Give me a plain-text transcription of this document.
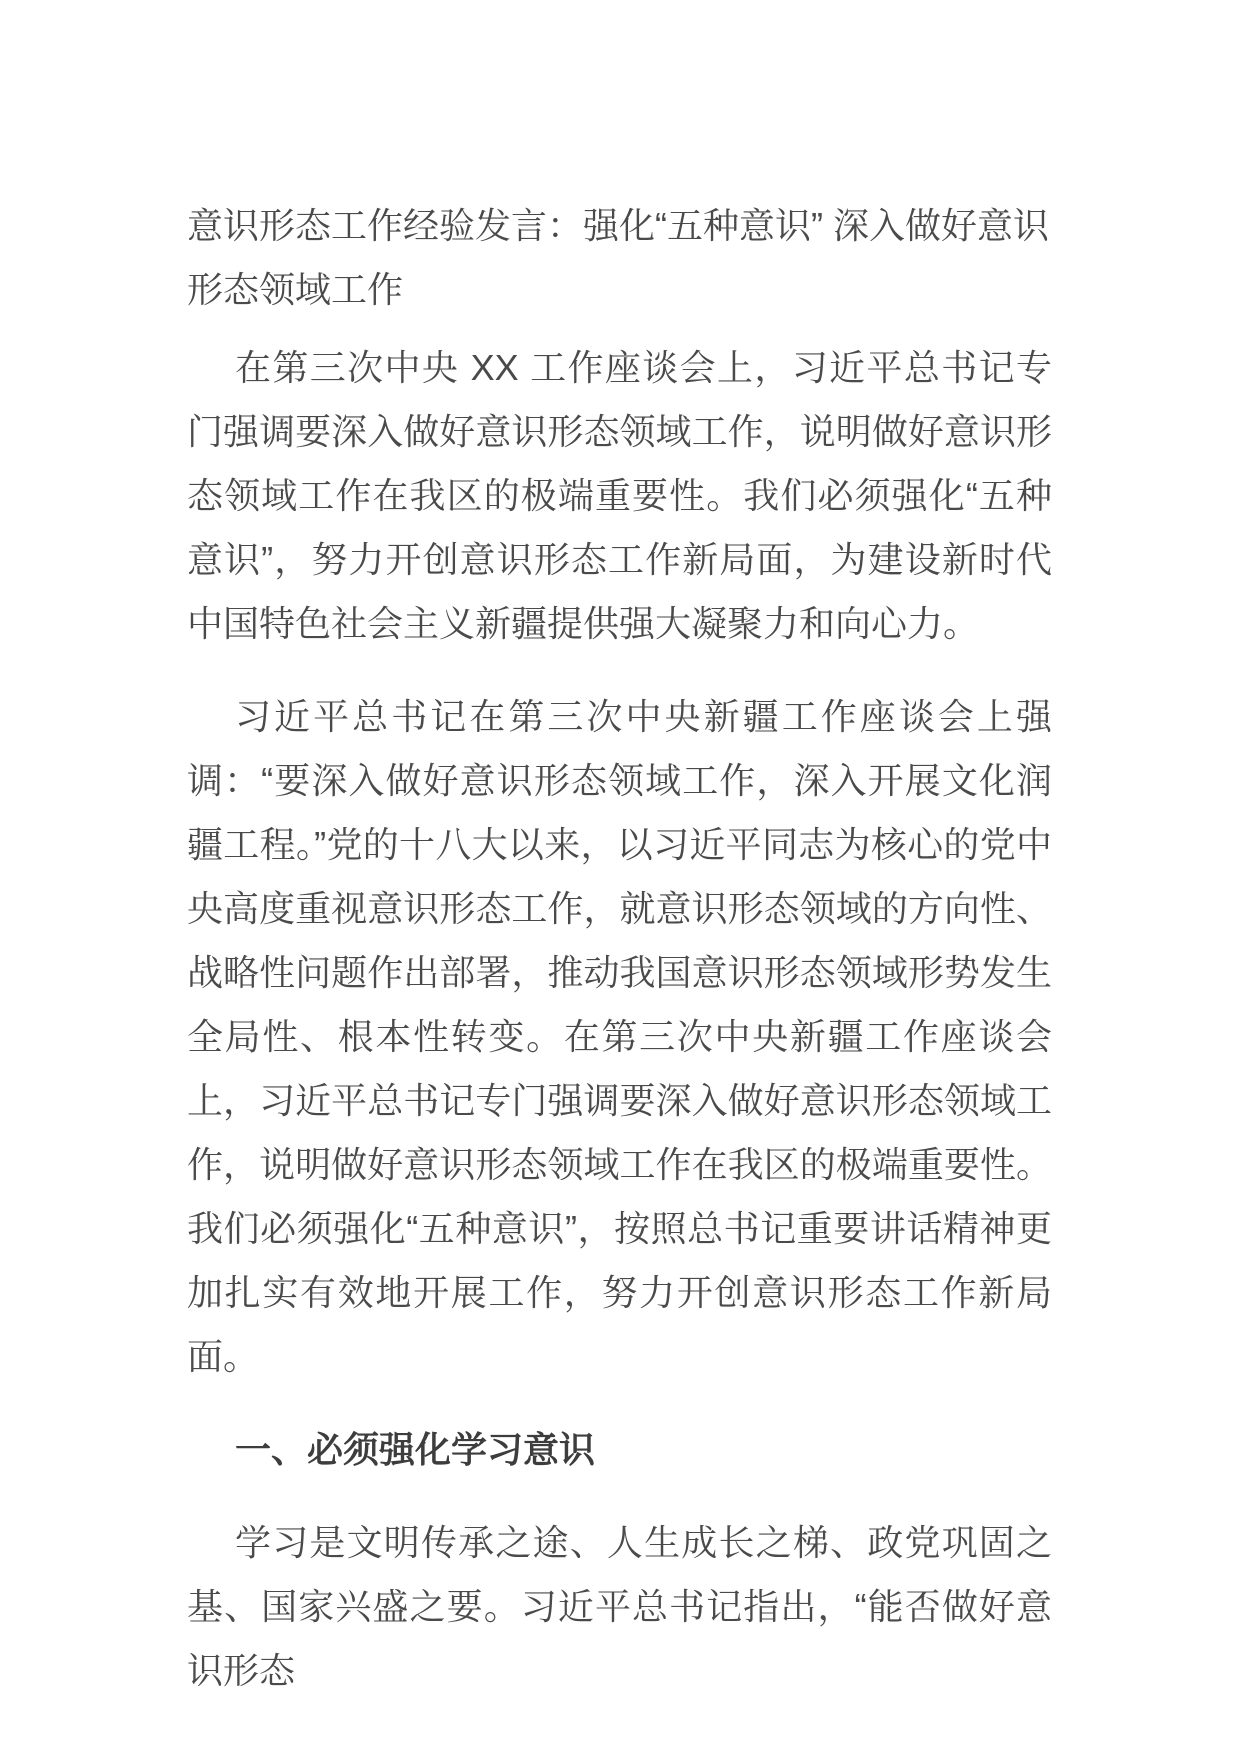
意识形态工作经验发言：强化“五种意识” 深入做好意识
形态领域工作

在第三次中央 XX 工作座谈会上，习近平总书记专门强调要深入做好意识形态领域工作，说明做好意识形态领域工作在我区的极端重要性。我们必须强化“五种意识”，努力开创意识形态工作新局面，为建设新时代中国特色社会主义新疆提供强大凝聚力和向心力。

习近平总书记在第三次中央新疆工作座谈会上强调：“要深入做好意识形态领域工作，深入开展文化润疆工程。”党的十八大以来，以习近平同志为核心的党中央高度重视意识形态工作，就意识形态领域的方向性、战略性问题作出部署，推动我国意识形态领域形势发生全局性、根本性转变。在第三次中央新疆工作座谈会上，习近平总书记专门强调要深入做好意识形态领域工作，说明做好意识形态领域工作在我区的极端重要性。我们必须强化“五种意识”，按照总书记重要讲话精神更加扎实有效地开展工作，努力开创意识形态工作新局面。

一、必须强化学习意识

学习是文明传承之途、人生成长之梯、政党巩固之基、国家兴盛之要。习近平总书记指出，“能否做好意识形态
